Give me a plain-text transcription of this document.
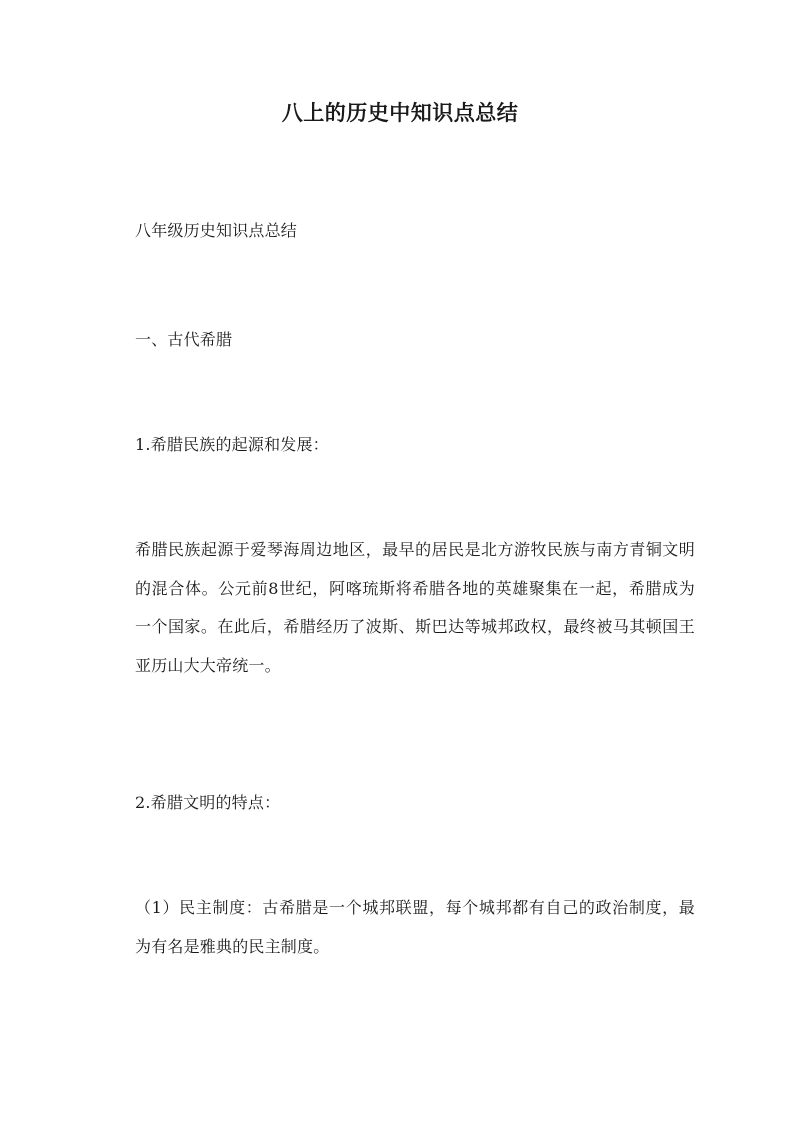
八上的历史中知识点总结

八年级历史知识点总结

一、古代希腊

1.希腊民族的起源和发展：

希腊民族起源于爱琴海周边地区，最早的居民是北方游牧民族与南方青铜文明的混合体。公元前8世纪，阿喀琉斯将希腊各地的英雄聚集在一起，希腊成为一个国家。在此后，希腊经历了波斯、斯巴达等城邦政权，最终被马其顿国王亚历山大大帝统一。

2.希腊文明的特点：

（1）民主制度：古希腊是一个城邦联盟，每个城邦都有自己的政治制度，最为有名是雅典的民主制度。
